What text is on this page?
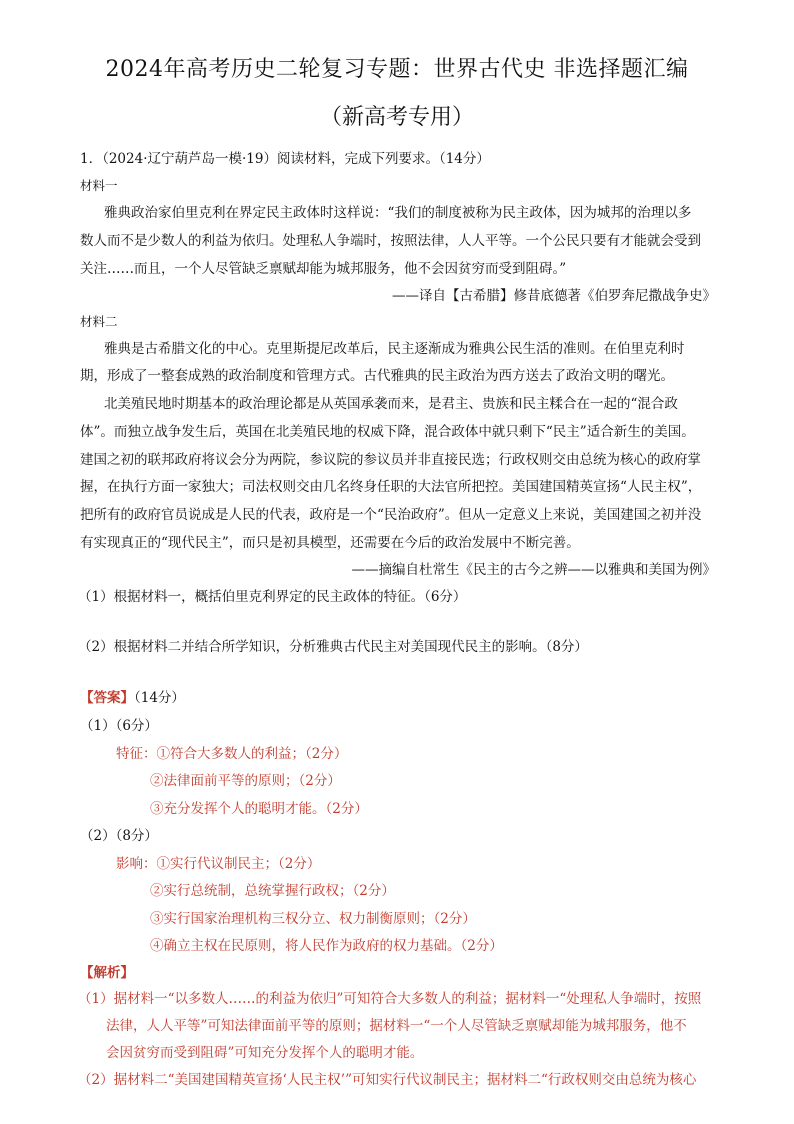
2024年高考历史二轮复习专题：世界古代史 非选择题汇编
（新高考专用）
1．（2024·辽宁葫芦岛一模·19）阅读材料，完成下列要求。（14分）
材料一
雅典政治家伯里克利在界定民主政体时这样说：“我们的制度被称为民主政体，因为城邦的治理以多
数人而不是少数人的利益为依归。处理私人争端时，按照法律，人人平等。一个公民只要有才能就会受到
关注……而且，一个人尽管缺乏禀赋却能为城邦服务，他不会因贫穷而受到阻碍。”
——译自【古希腊】修昔底德著《伯罗奔尼撒战争史》
材料二
雅典是古希腊文化的中心。克里斯提尼改革后，民主逐渐成为雅典公民生活的准则。在伯里克利时
期，形成了一整套成熟的政治制度和管理方式。古代雅典的民主政治为西方送去了政治文明的曙光。
北美殖民地时期基本的政治理论都是从英国承袭而来，是君主、贵族和民主糅合在一起的“混合政
体”。而独立战争发生后，英国在北美殖民地的权威下降，混合政体中就只剩下“民主”适合新生的美国。
建国之初的联邦政府将议会分为两院，参议院的参议员并非直接民选；行政权则交由总统为核心的政府掌
握，在执行方面一家独大；司法权则交由几名终身任职的大法官所把控。美国建国精英宣扬“人民主权”，
把所有的政府官员说成是人民的代表，政府是一个“民治政府”。但从一定意义上来说，美国建国之初并没
有实现真正的“现代民主”，而只是初具模型，还需要在今后的政治发展中不断完善。
——摘编自杜常生《民主的古今之辨——以雅典和美国为例》
（1）根据材料一，概括伯里克利界定的民主政体的特征。（6分）
（2）根据材料二并结合所学知识，分析雅典古代民主对美国现代民主的影响。（8分）
【答案】（14分）
（1）（6分）
特征：①符合大多数人的利益；（2分）
②法律面前平等的原则；（2分）
③充分发挥个人的聪明才能。（2分）
（2）（8分）
影响：①实行代议制民主；（2分）
②实行总统制，总统掌握行政权；（2分）
③实行国家治理机构三权分立、权力制衡原则；（2分）
④确立主权在民原则，将人民作为政府的权力基础。（2分）
【解析】
（1）据材料一“以多数人……的利益为依归”可知符合大多数人的利益；据材料一“处理私人争端时，按照
法律，人人平等”可知法律面前平等的原则；据材料一“一个人尽管缺乏禀赋却能为城邦服务，他不
会因贫穷而受到阻碍”可知充分发挥个人的聪明才能。
（2）据材料二“美国建国精英宣扬‘人民主权’”可知实行代议制民主；据材料二“行政权则交由总统为核心
